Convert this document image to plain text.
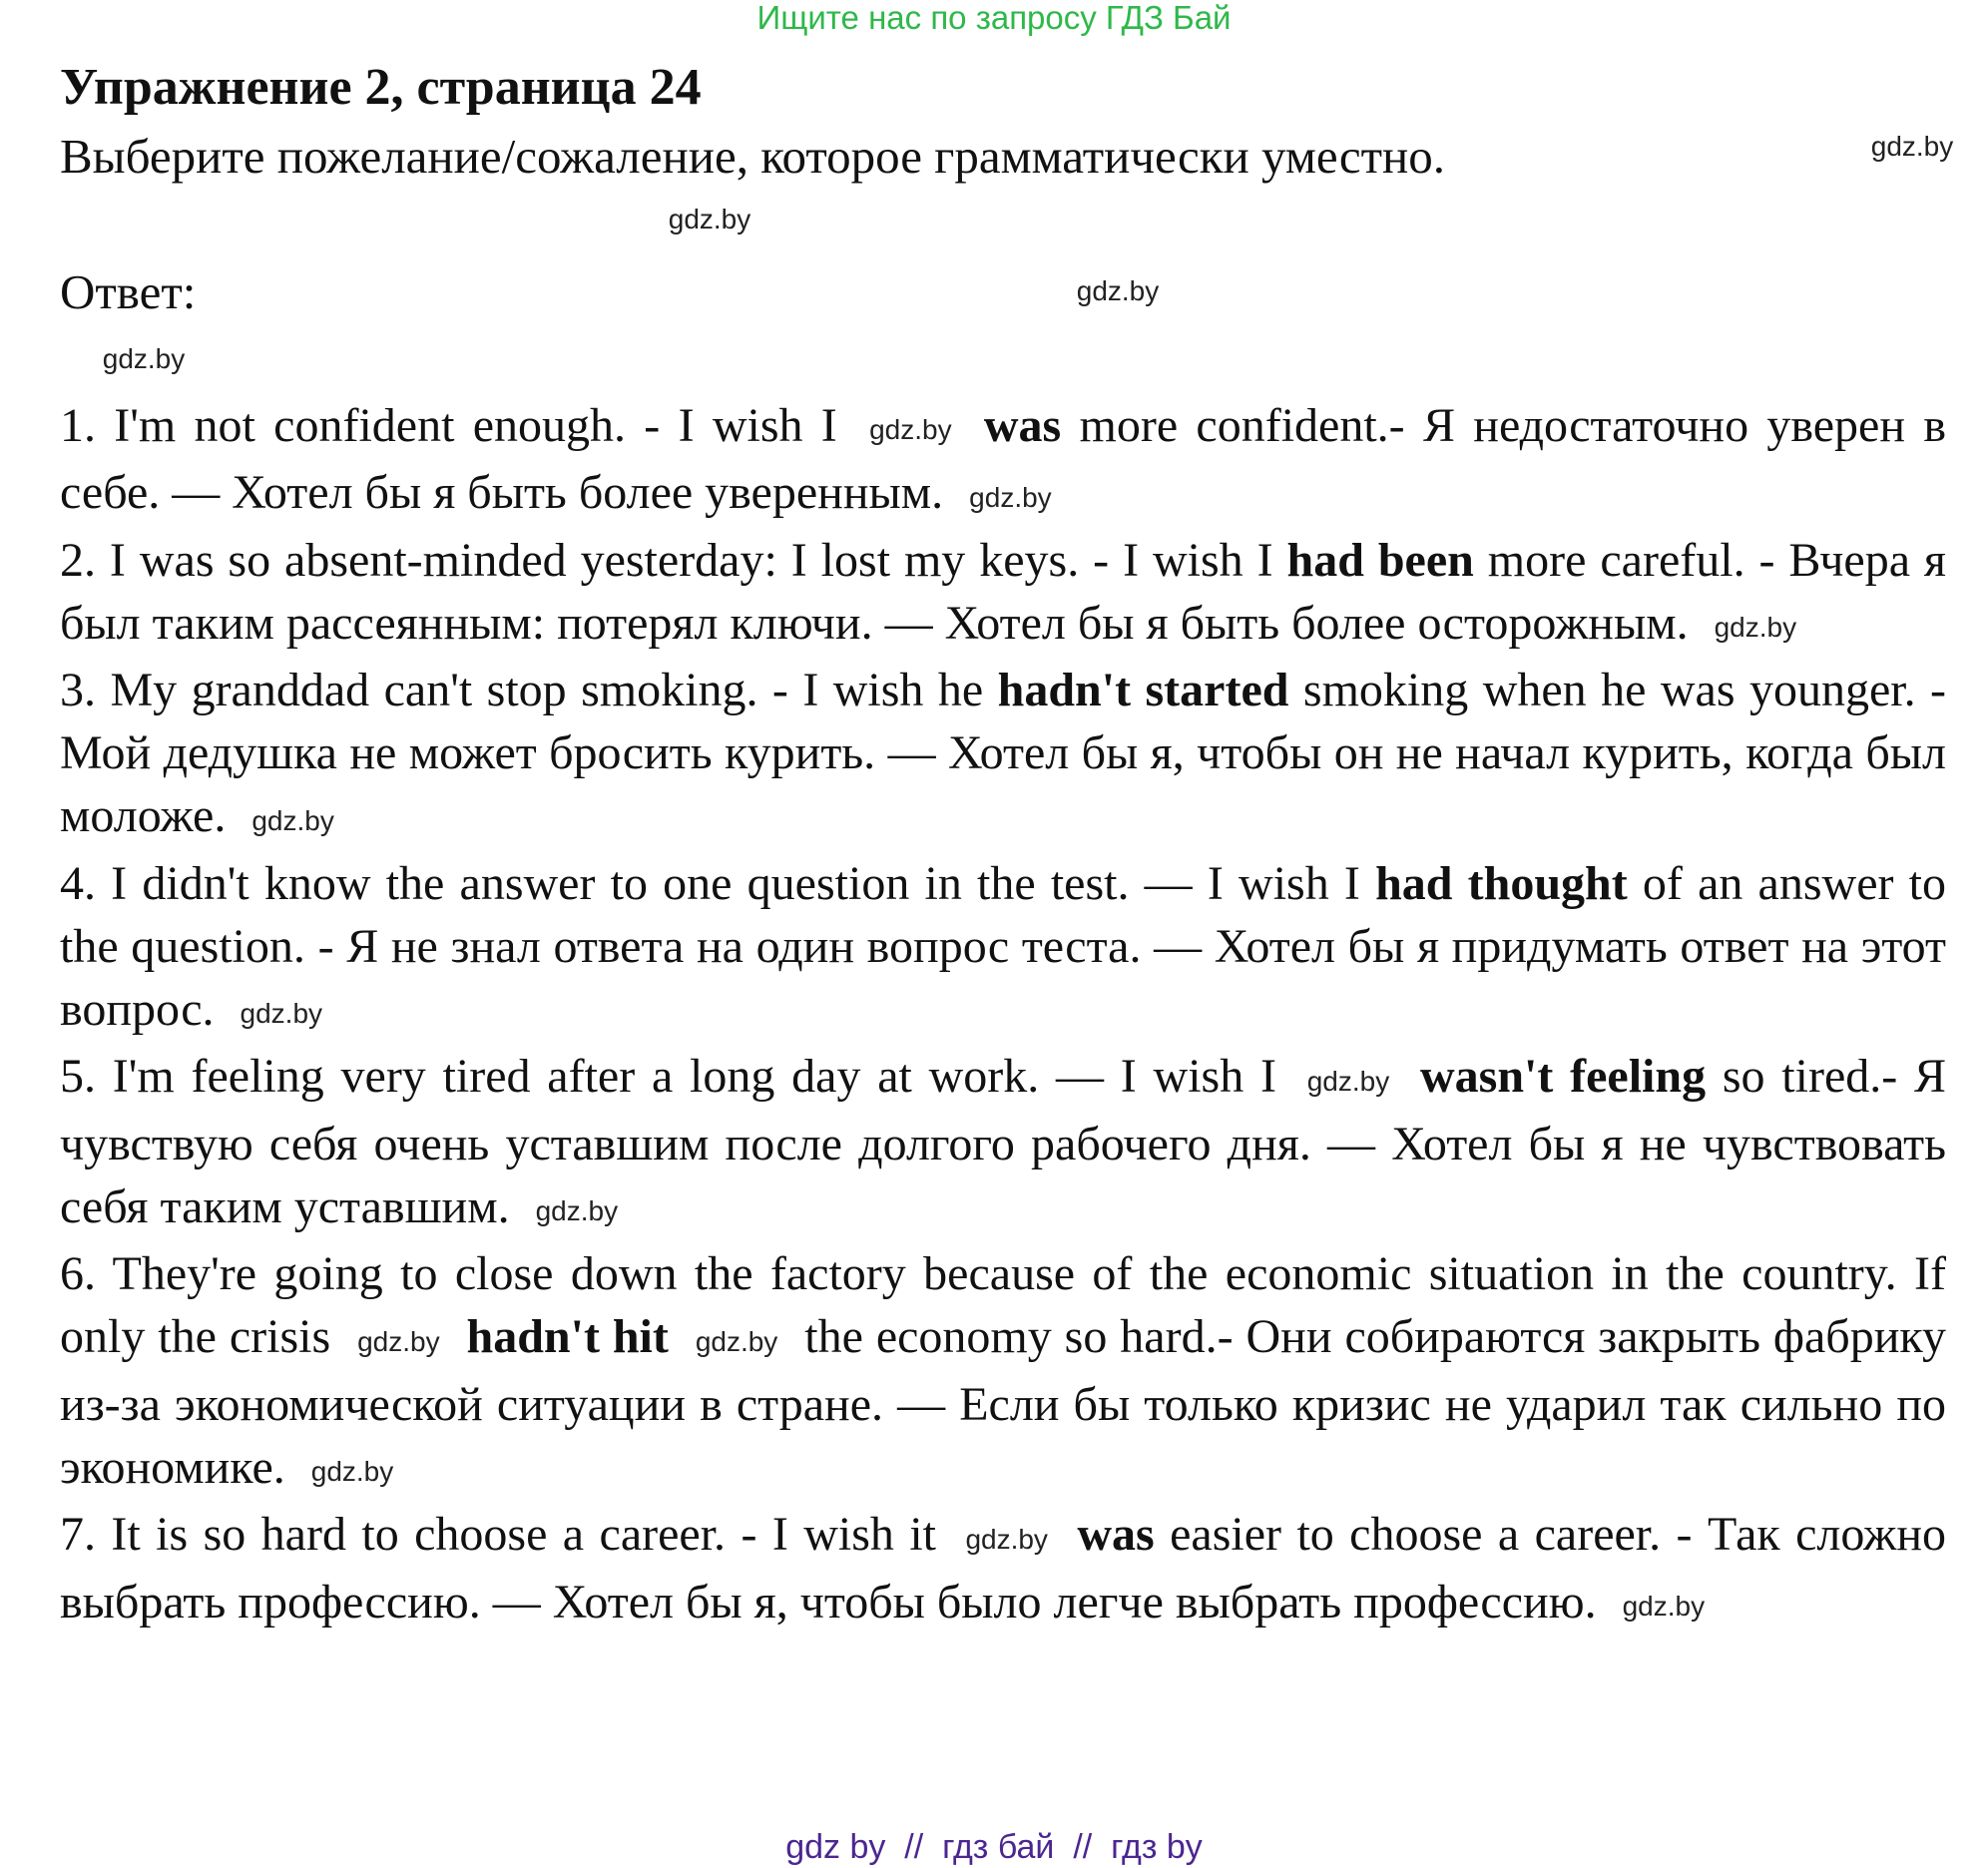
Ищите нас по запросу ГДЗ Бай
Упражнение 2, страница 24
Выберите пожелание/сожаление, которое грамматически уместно.
Ответ:

1. I'm not confident enough. - I wish I gdz.by was more confident.- Я недостаточно уверен в себе. — Хотел бы я быть более уверенным. gdz.by

2. I was so absent-minded yesterday: I lost my keys. - I wish I had been more careful. - Вчера я был таким рассеянным: потерял ключи. — Хотел бы я быть более осторожным. gdz.by

3. My granddad can't stop smoking. - I wish he hadn't started smoking when he was younger. - Мой дедушка не может бросить курить. — Хотел бы я, чтобы он не начал курить, когда был моложе. gdz.by

4. I didn't know the answer to one question in the test. — I wish I had thought of an answer to the question. - Я не знал ответа на один вопрос теста. — Хотел бы я придумать ответ на этот вопрос. gdz.by

5. I'm feeling very tired after a long day at work. — I wish I gdz.by wasn't feeling so tired.- Я чувствую себя очень уставшим после долгого рабочего дня. — Хотел бы я не чувствовать себя таким уставшим. gdz.by

6. They're going to close down the factory because of the economic situation in the country. If only the crisis gdz.by hadn't hit gdz.by the economy so hard.- Они собираются закрыть фабрику из-за экономической ситуации в стране. — Если бы только кризис не ударил так сильно по экономике. gdz.by

7. It is so hard to choose a career. - I wish it gdz.by was easier to choose a career. - Так сложно выбрать профессию. — Хотел бы я, чтобы было легче выбрать профессию. gdz.by

gdz.by
gdz.by
gdz.by
gdz.by
gdz by  //  гдз бай  //  гдз by
